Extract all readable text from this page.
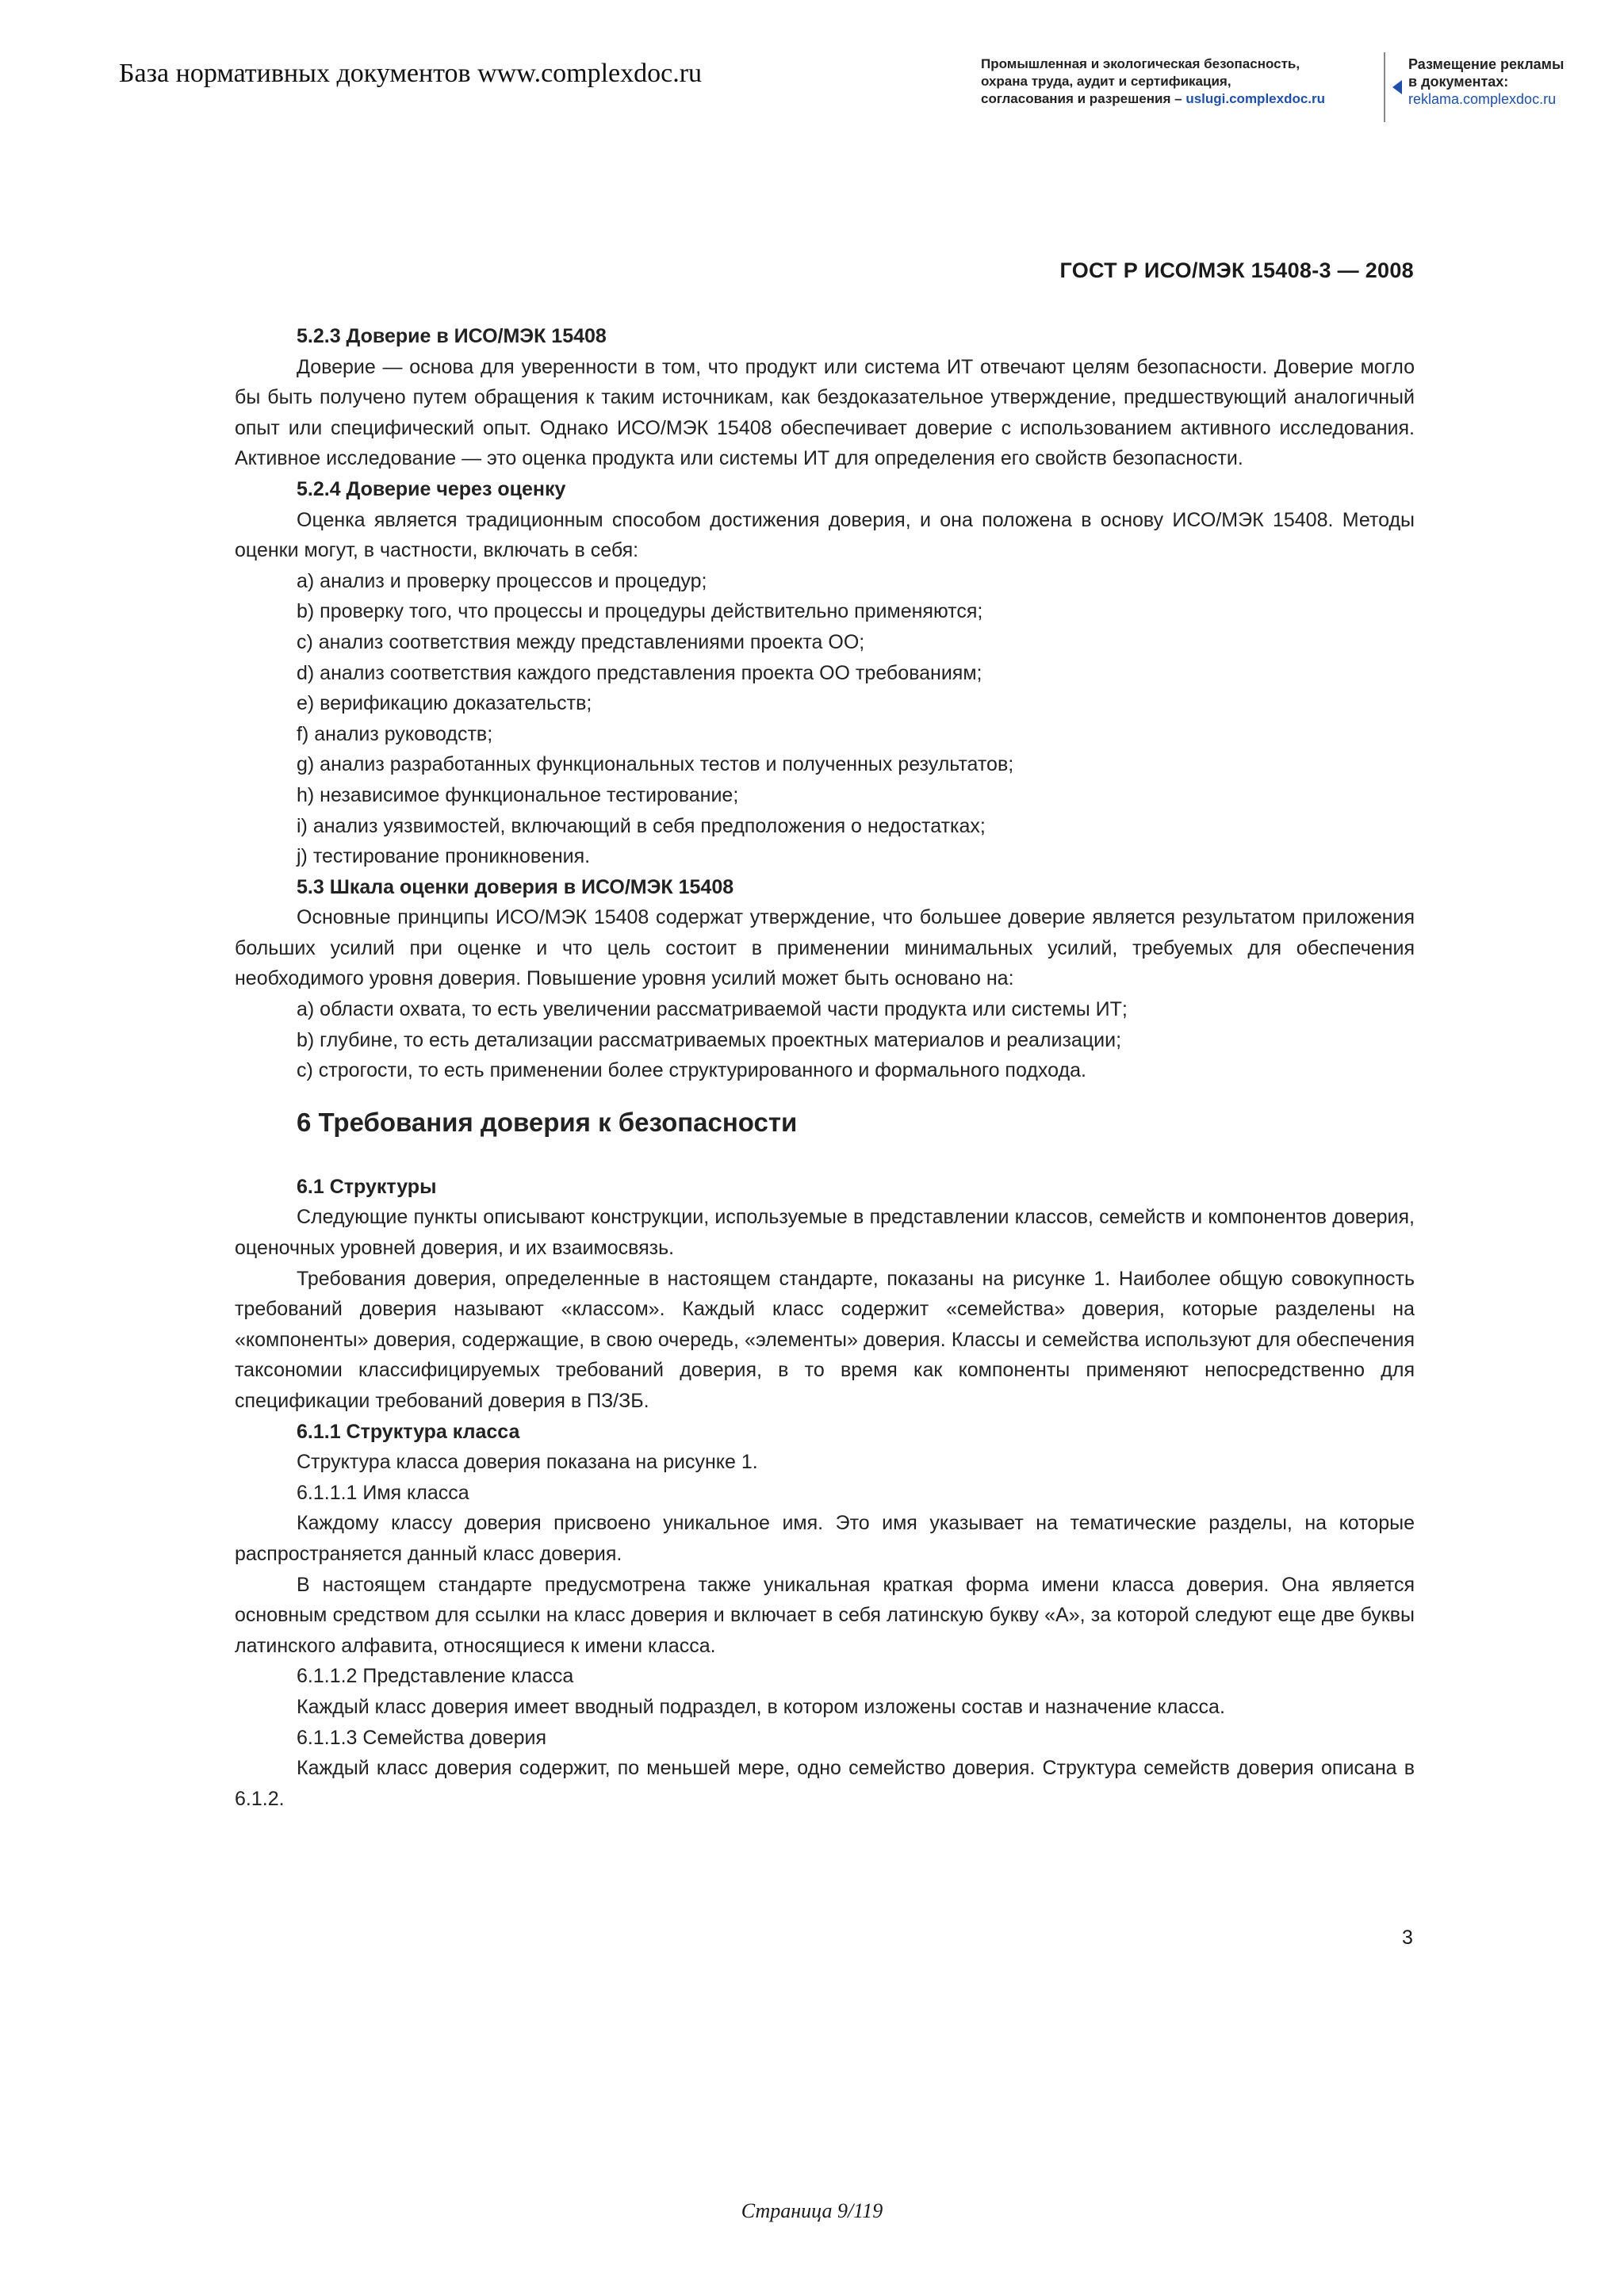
База нормативных документов www.complexdoc.ru	Промышленная и экологическая безопасность,
охрана труда, аудит и сертификация,
согласования и разрешения – uslugi.complexdoc.ru
Размещение рекламы
в документах:
reklama.complexdoc.ru
ГОСТ Р ИСО/МЭК 15408-3 — 2008

5.2.3 Доверие в ИСО/МЭК 15408

Доверие — основа для уверенности в том, что продукт или система ИТ отвечают целям безопасности. Доверие могло бы быть получено путем обращения к таким источникам, как бездоказательное утверждение, предшествующий аналогичный опыт или специфический опыт. Однако ИСО/МЭК 15408 обеспечивает доверие с использованием активного исследования. Активное исследование — это оценка продукта или системы ИТ для определения его свойств безопасности.

5.2.4 Доверие через оценку

Оценка является традиционным способом достижения доверия, и она положена в основу ИСО/МЭК 15408. Методы оценки могут, в частности, включать в себя:

a) анализ и проверку процессов и процедур;

b) проверку того, что процессы и процедуры действительно применяются;

c) анализ соответствия между представлениями проекта ОО;

d) анализ соответствия каждого представления проекта ОО требованиям;

e) верификацию доказательств;

f) анализ руководств;

g) анализ разработанных функциональных тестов и полученных результатов;

h) независимое функциональное тестирование;

i) анализ уязвимостей, включающий в себя предположения о недостатках;

j) тестирование проникновения.

5.3 Шкала оценки доверия в ИСО/МЭК 15408

Основные принципы ИСО/МЭК 15408 содержат утверждение, что большее доверие является результатом приложения больших усилий при оценке и что цель состоит в применении минимальных усилий, требуемых для обеспечения необходимого уровня доверия. Повышение уровня усилий может быть основано на:

a) области охвата, то есть увеличении рассматриваемой части продукта или системы ИТ;

b) глубине, то есть детализации рассматриваемых проектных материалов и реализации;

c) строгости, то есть применении более структурированного и формального подхода.

6 Требования доверия к безопасности

6.1 Структуры

Следующие пункты описывают конструкции, используемые в представлении классов, семейств и компонентов доверия, оценочных уровней доверия, и их взаимосвязь.

Требования доверия, определенные в настоящем стандарте, показаны на рисунке 1. Наиболее общую совокупность требований доверия называют «классом». Каждый класс содержит «семейства» доверия, которые разделены на «компоненты» доверия, содержащие, в свою очередь, «элементы» доверия. Классы и семейства используют для обеспечения таксономии классифицируемых требований доверия, в то время как компоненты применяют непосредственно для спецификации требований доверия в ПЗ/ЗБ.

6.1.1 Структура класса

Структура класса доверия показана на рисунке 1.

6.1.1.1 Имя класса

Каждому классу доверия присвоено уникальное имя. Это имя указывает на тематические разделы, на которые распространяется данный класс доверия.

В настоящем стандарте предусмотрена также уникальная краткая форма имени класса доверия. Она является основным средством для ссылки на класс доверия и включает в себя латинскую букву «А», за которой следуют еще две буквы латинского алфавита, относящиеся к имени класса.

6.1.1.2 Представление класса

Каждый класс доверия имеет вводный подраздел, в котором изложены состав и назначение класса.

6.1.1.3 Семейства доверия

Каждый класс доверия содержит, по меньшей мере, одно семейство доверия. Структура семейств доверия описана в 6.1.2.

3
Страница 9/119
